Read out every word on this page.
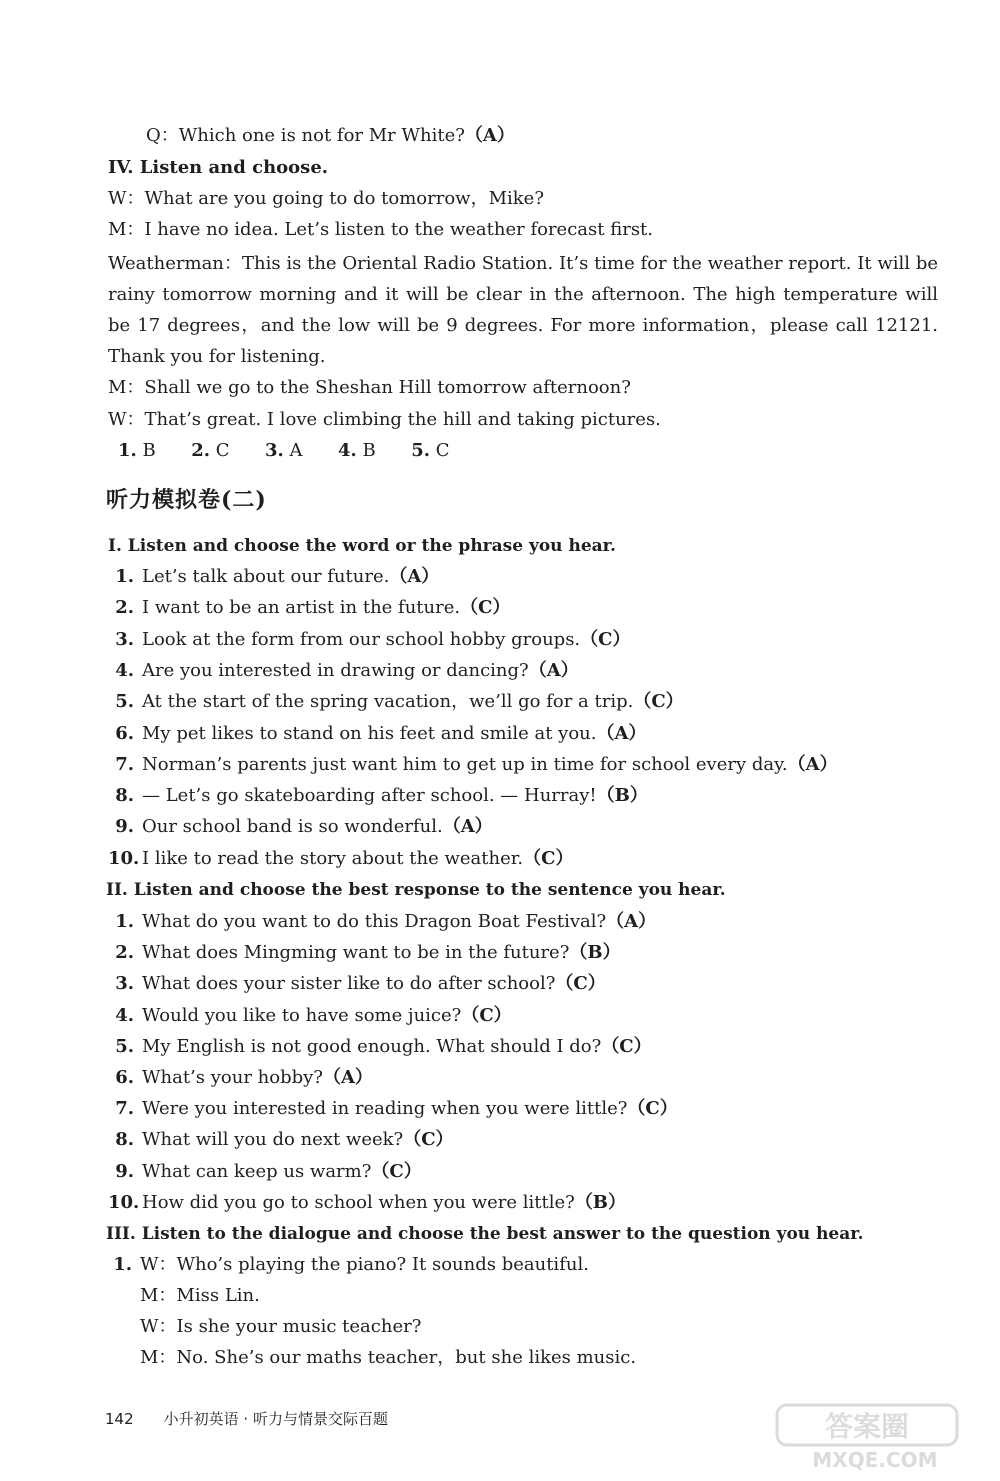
Q：Which one is not for Mr White?（A）
IV. Listen and choose.
W：What are you going to do tomorrow，Mike?
M：I have no idea. Let’s listen to the weather forecast first.
Weatherman：This is the Oriental Radio Station. It’s time for the weather report. It will be rainy tomorrow morning and it will be clear in the afternoon. The high temperature will be 17 degrees，and the low will be 9 degrees. For more information，please call 12121. Thank you for listening.
M：Shall we go to the Sheshan Hill tomorrow afternoon?
W：That’s great. I love climbing the hill and taking pictures.
1. B 2. C 3. A 4. B 5. C
听力模拟卷(二)
I. Listen and choose the word or the phrase you hear.
1. Let’s talk about our future.（A）
2. I want to be an artist in the future.（C）
3. Look at the form from our school hobby groups.（C）
4. Are you interested in drawing or dancing?（A）
5. At the start of the spring vacation，we’ll go for a trip.（C）
6. My pet likes to stand on his feet and smile at you.（A）
7. Norman’s parents just want him to get up in time for school every day.（A）
8. — Let’s go skateboarding after school. — Hurray!（B）
9. Our school band is so wonderful.（A）
10. I like to read the story about the weather.（C）
II. Listen and choose the best response to the sentence you hear.
1. What do you want to do this Dragon Boat Festival?（A）
2. What does Mingming want to be in the future?（B）
3. What does your sister like to do after school?（C）
4. Would you like to have some juice?（C）
5. My English is not good enough. What should I do?（C）
6. What’s your hobby?（A）
7. Were you interested in reading when you were little?（C）
8. What will you do next week?（C）
9. What can keep us warm?（C）
10. How did you go to school when you were little?（B）
III. Listen to the dialogue and choose the best answer to the question you hear.
1. W：Who’s playing the piano? It sounds beautiful.
M：Miss Lin.
W：Is she your music teacher?
M：No. She’s our maths teacher，but she likes music.
142 小升初英语 · 听力与情景交际百题	答案圈
MXQE.COM
